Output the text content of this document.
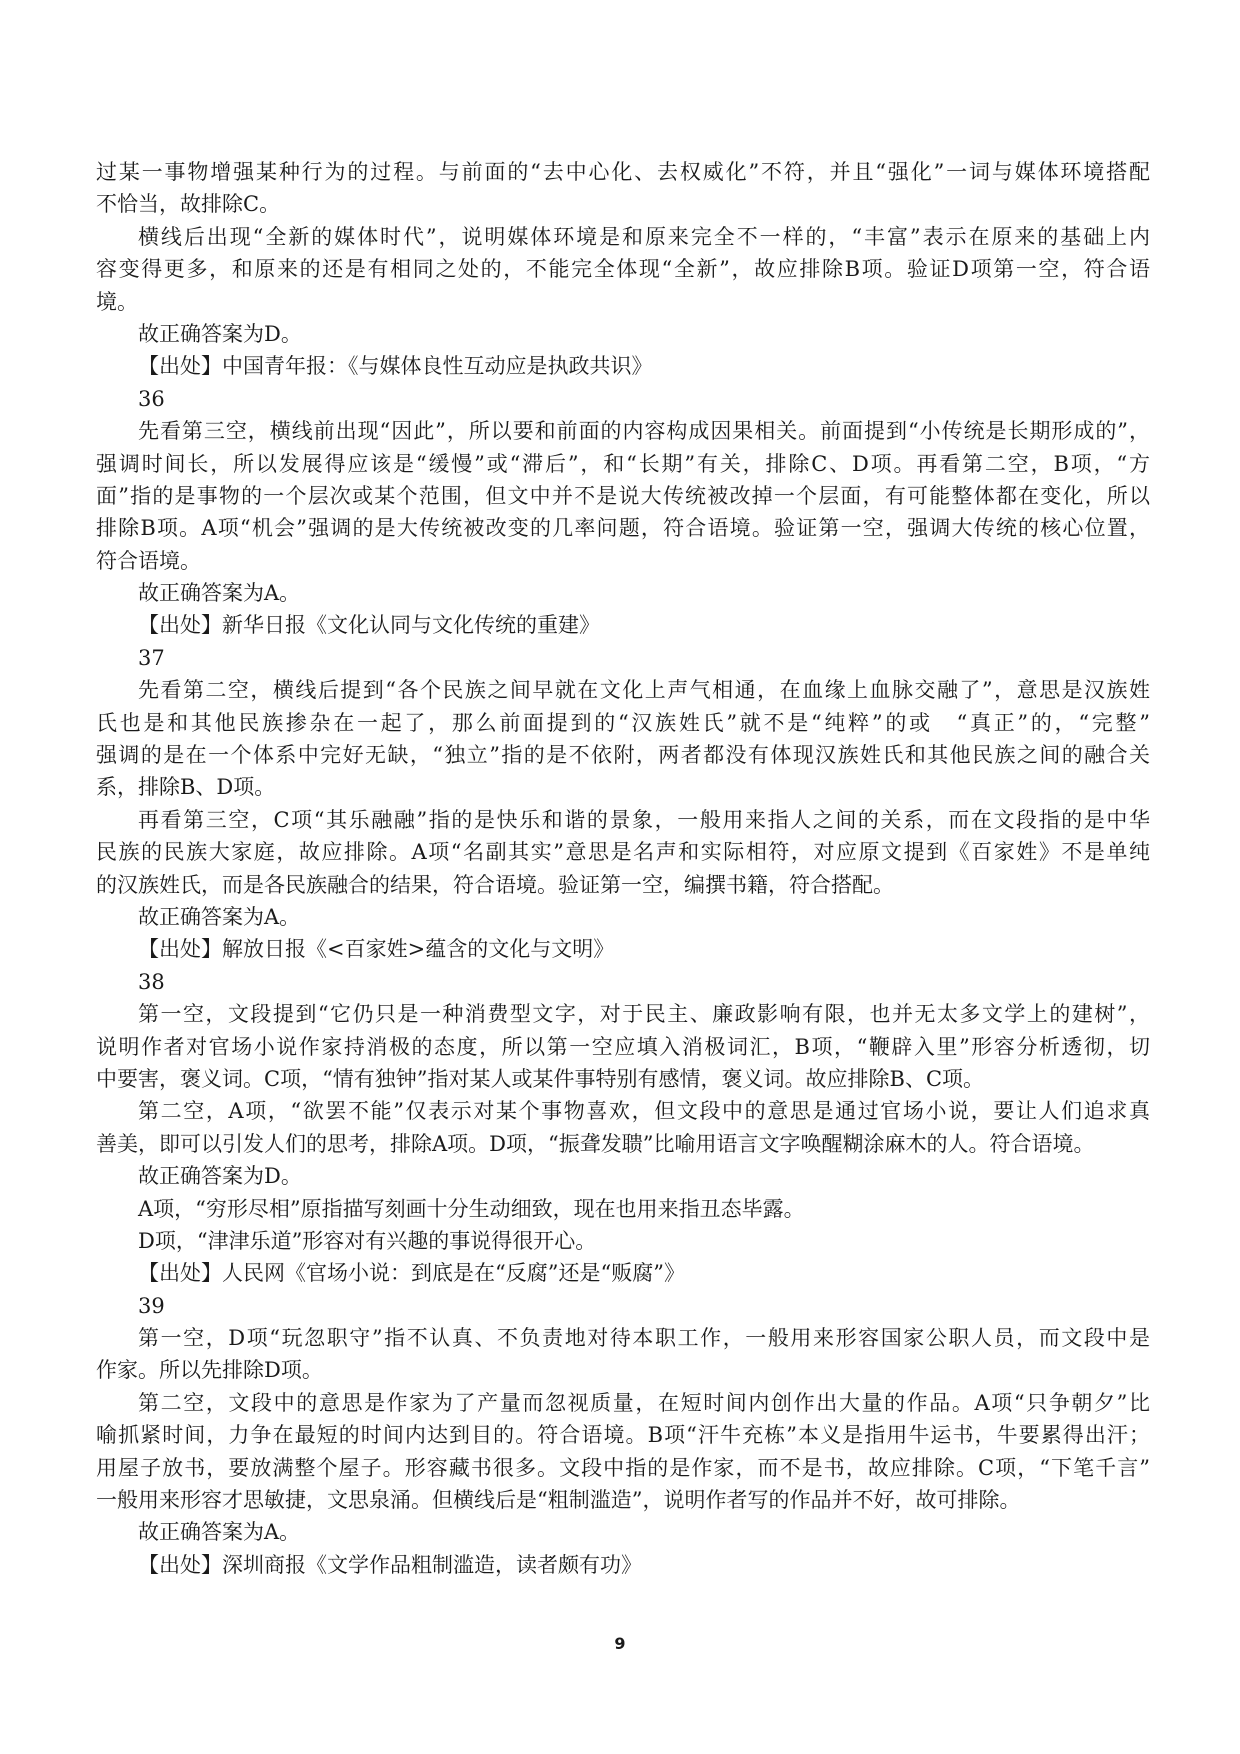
过某一事物增强某种行为的过程。与前面的“去中心化、去权威化”不符，并且“强化”一词与媒体环境搭配
不恰当，故排除C。
横线后出现“全新的媒体时代”，说明媒体环境是和原来完全不一样的，“丰富”表示在原来的基础上内
容变得更多，和原来的还是有相同之处的，不能完全体现“全新”，故应排除B项。验证D项第一空，符合语
境。
故正确答案为D。
【出处】中国青年报：《与媒体良性互动应是执政共识》
36
先看第三空，横线前出现“因此”，所以要和前面的内容构成因果相关。前面提到“小传统是长期形成的”，
强调时间长，所以发展得应该是“缓慢”或“滞后”，和“长期”有关，排除C、D项。再看第二空，B项，“方
面”指的是事物的一个层次或某个范围，但文中并不是说大传统被改掉一个层面，有可能整体都在变化，所以
排除B项。A项“机会”强调的是大传统被改变的几率问题，符合语境。验证第一空，强调大传统的核心位置，
符合语境。
故正确答案为A。
【出处】新华日报《文化认同与文化传统的重建》
37
先看第二空，横线后提到“各个民族之间早就在文化上声气相通，在血缘上血脉交融了”，意思是汉族姓
氏也是和其他民族掺杂在一起了，那么前面提到的“汉族姓氏”就不是“纯粹”的或　“真正”的，“完整”
强调的是在一个体系中完好无缺，“独立”指的是不依附，两者都没有体现汉族姓氏和其他民族之间的融合关
系，排除B、D项。
再看第三空，C项“其乐融融”指的是快乐和谐的景象，一般用来指人之间的关系，而在文段指的是中华
民族的民族大家庭，故应排除。A项“名副其实”意思是名声和实际相符，对应原文提到《百家姓》不是单纯
的汉族姓氏，而是各民族融合的结果，符合语境。验证第一空，编撰书籍，符合搭配。
故正确答案为A。
【出处】解放日报《<百家姓>蕴含的文化与文明》
38
第一空，文段提到“它仍只是一种消费型文字，对于民主、廉政影响有限，也并无太多文学上的建树”，
说明作者对官场小说作家持消极的态度，所以第一空应填入消极词汇，B项，“鞭辟入里”形容分析透彻，切
中要害，褒义词。C项，“情有独钟”指对某人或某件事特别有感情，褒义词。故应排除B、C项。
第二空，A项，“欲罢不能”仅表示对某个事物喜欢，但文段中的意思是通过官场小说，要让人们追求真
善美，即可以引发人们的思考，排除A项。D项，“振聋发聩”比喻用语言文字唤醒糊涂麻木的人。符合语境。
故正确答案为D。
A项，“穷形尽相”原指描写刻画十分生动细致，现在也用来指丑态毕露。
D项，“津津乐道”形容对有兴趣的事说得很开心。
【出处】人民网《官场小说：到底是在“反腐”还是“贩腐”》
39
第一空，D项“玩忽职守”指不认真、不负责地对待本职工作，一般用来形容国家公职人员，而文段中是
作家。所以先排除D项。
第二空，文段中的意思是作家为了产量而忽视质量，在短时间内创作出大量的作品。A项“只争朝夕”比
喻抓紧时间，力争在最短的时间内达到目的。符合语境。B项“汗牛充栋”本义是指用牛运书，牛要累得出汗；
用屋子放书，要放满整个屋子。形容藏书很多。文段中指的是作家，而不是书，故应排除。C项，“下笔千言”
一般用来形容才思敏捷，文思泉涌。但横线后是“粗制滥造”，说明作者写的作品并不好，故可排除。
故正确答案为A。
【出处】深圳商报《文学作品粗制滥造，读者颇有功》
9
